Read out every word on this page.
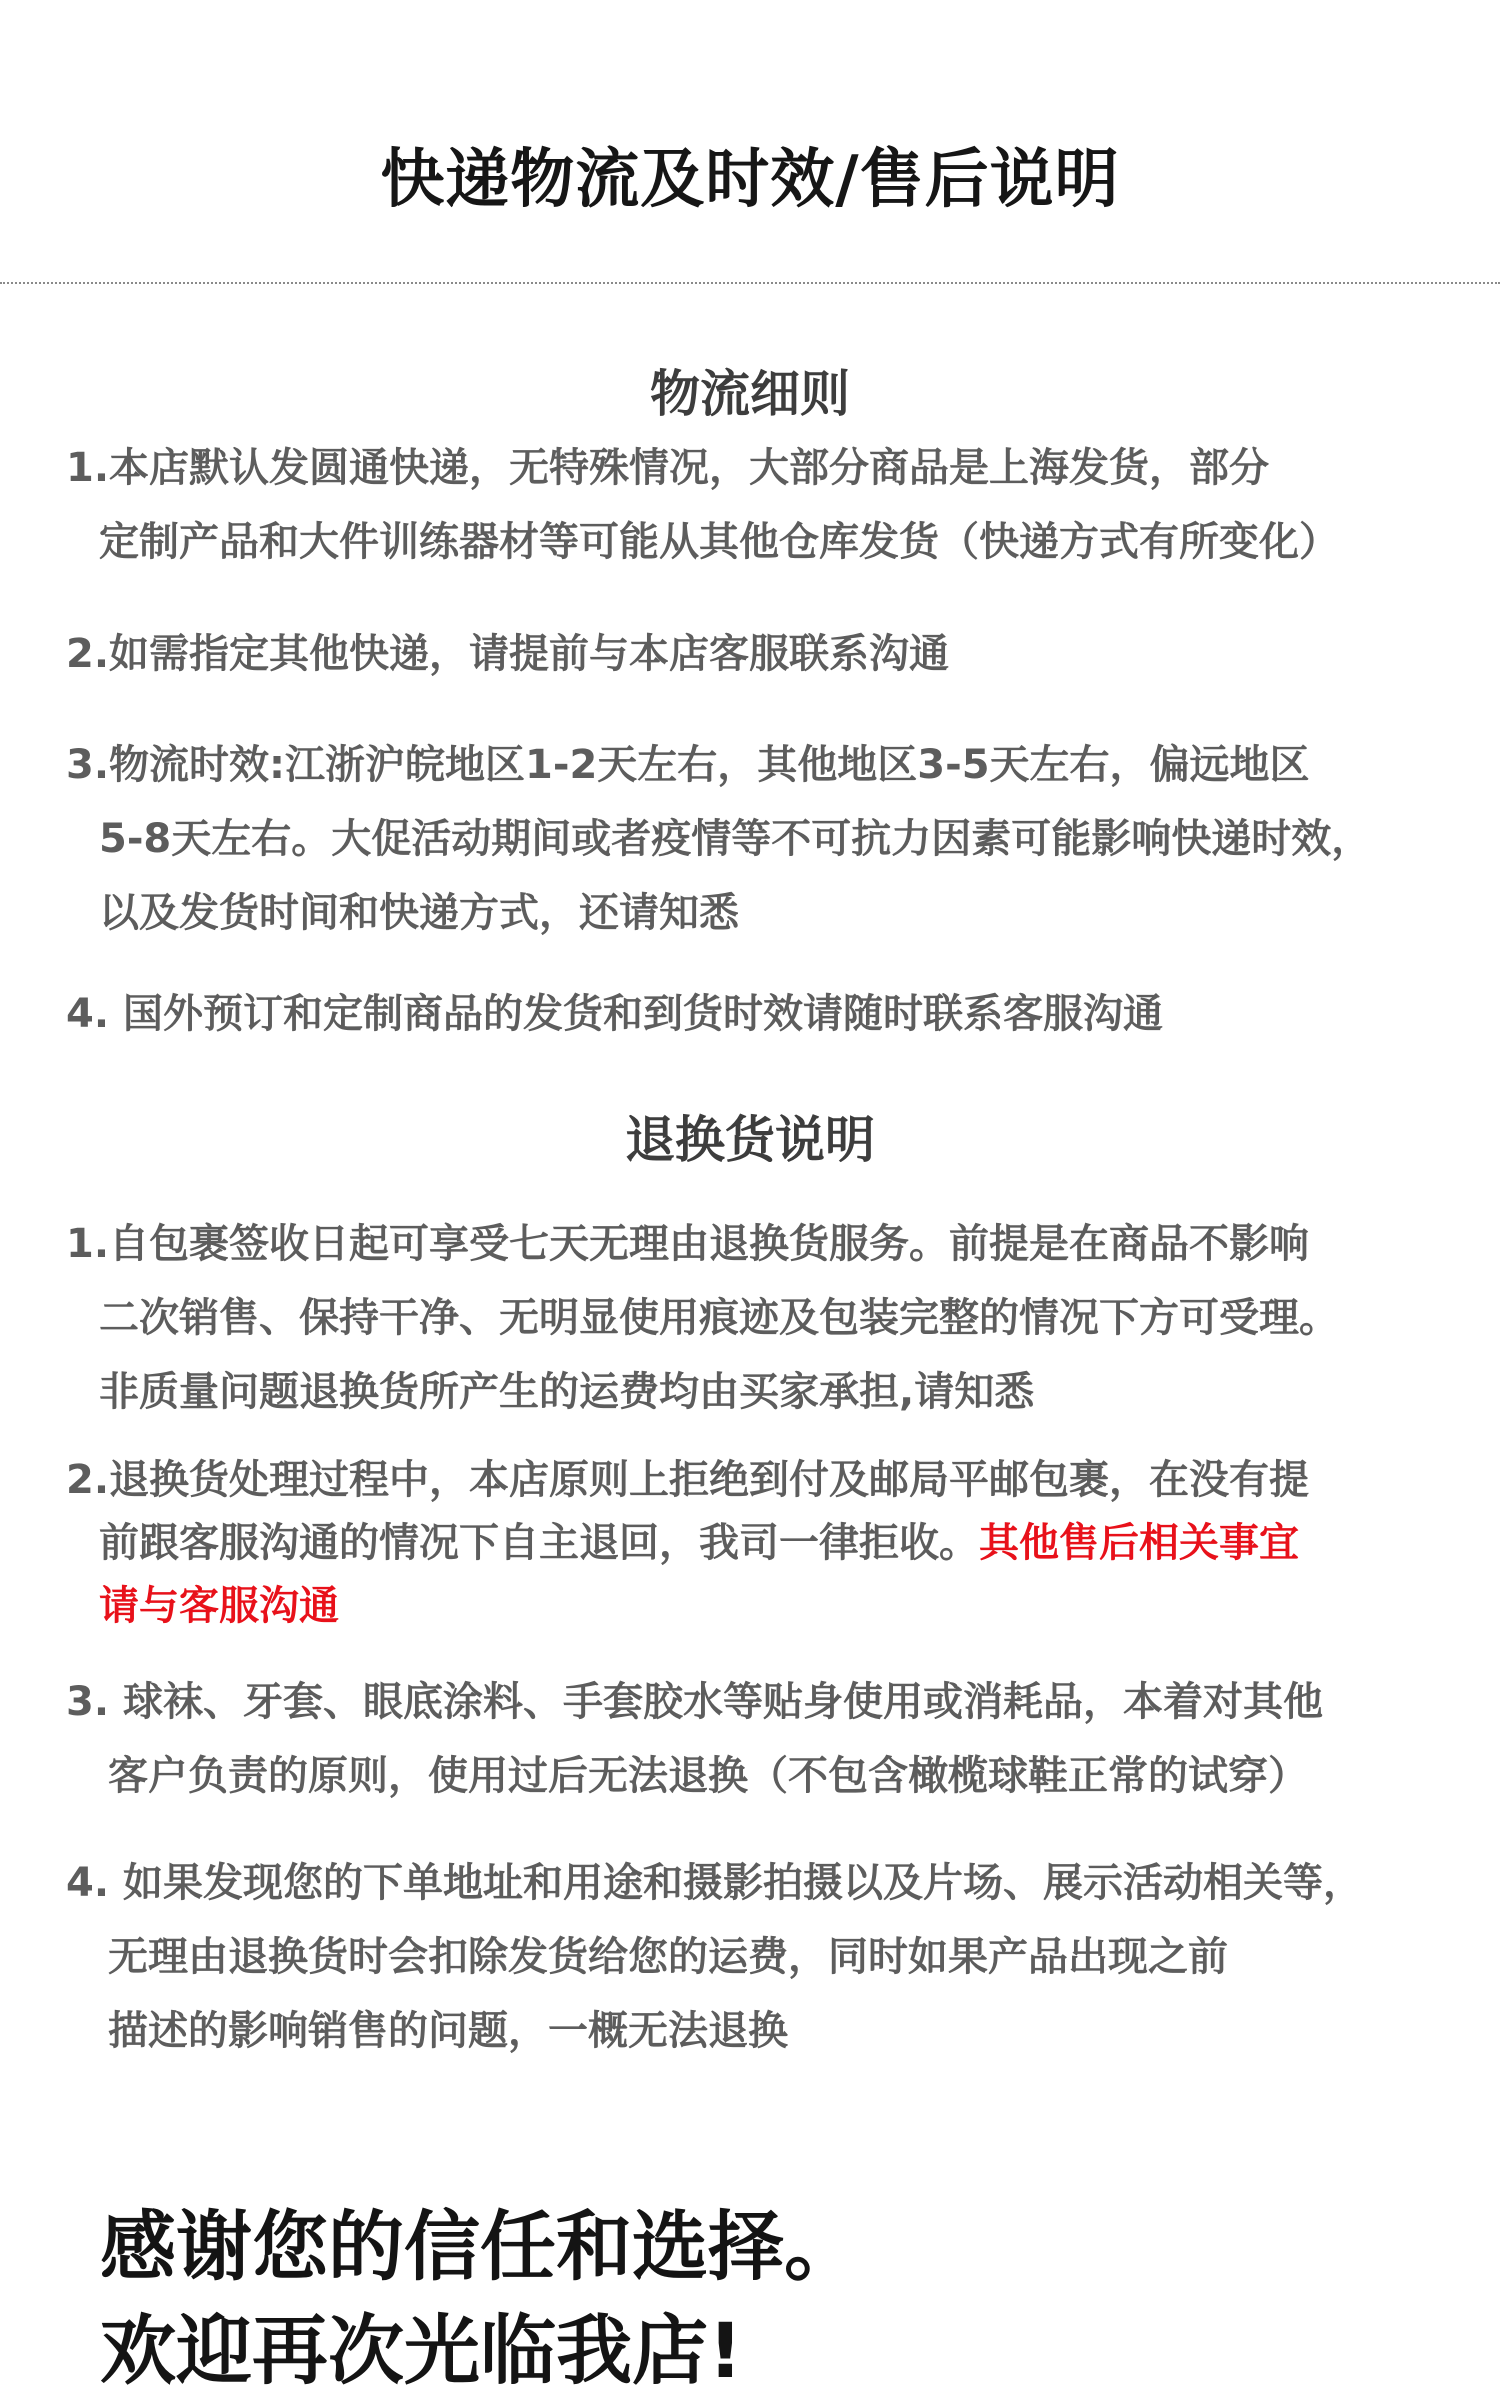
快递物流及时效/售后说明
物流细则
1.本店默认发圆通快递，无特殊情况，大部分商品是上海发货，部分
定制产品和大件训练器材等可能从其他仓库发货（快递方式有所变化）
2.如需指定其他快递，请提前与本店客服联系沟通
3.物流时效:江浙沪皖地区1-2天左右，其他地区3-5天左右，偏远地区
5-8天左右。大促活动期间或者疫情等不可抗力因素可能影响快递时效，
以及发货时间和快递方式，还请知悉
4. 国外预订和定制商品的发货和到货时效请随时联系客服沟通
退换货说明
1.自包裹签收日起可享受七天无理由退换货服务。前提是在商品不影响
二次销售、保持干净、无明显使用痕迹及包装完整的情况下方可受理。
非质量问题退换货所产生的运费均由买家承担,请知悉
2.退换货处理过程中，本店原则上拒绝到付及邮局平邮包裹，在没有提
前跟客服沟通的情况下自主退回，我司一律拒收。其他售后相关事宜
请与客服沟通
3. 球袜、牙套、眼底涂料、手套胶水等贴身使用或消耗品，本着对其他
客户负责的原则，使用过后无法退换（不包含橄榄球鞋正常的试穿）
4. 如果发现您的下单地址和用途和摄影拍摄以及片场、展示活动相关等，
无理由退换货时会扣除发货给您的运费，同时如果产品出现之前
描述的影响销售的问题，一概无法退换
感谢您的信任和选择。
欢迎再次光临我店!
